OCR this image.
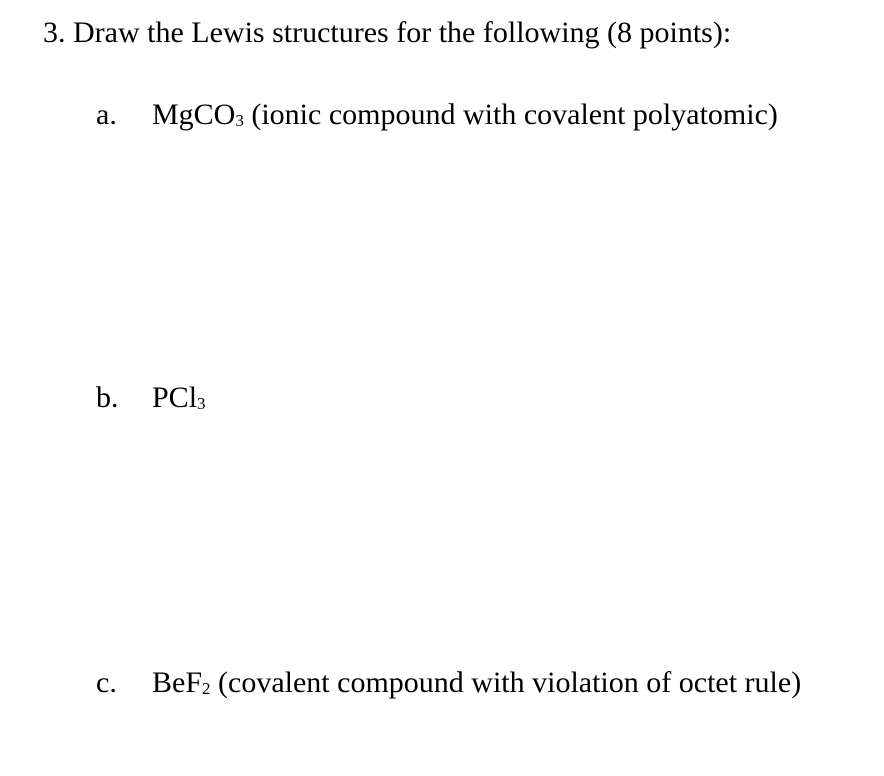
3. Draw the Lewis structures for the following (8 points):
a. MgCO$_3$ (ionic compound with covalent polyatomic)
b. PCl$_3$
c. BeF$_2$ (covalent compound with violation of octet rule)
